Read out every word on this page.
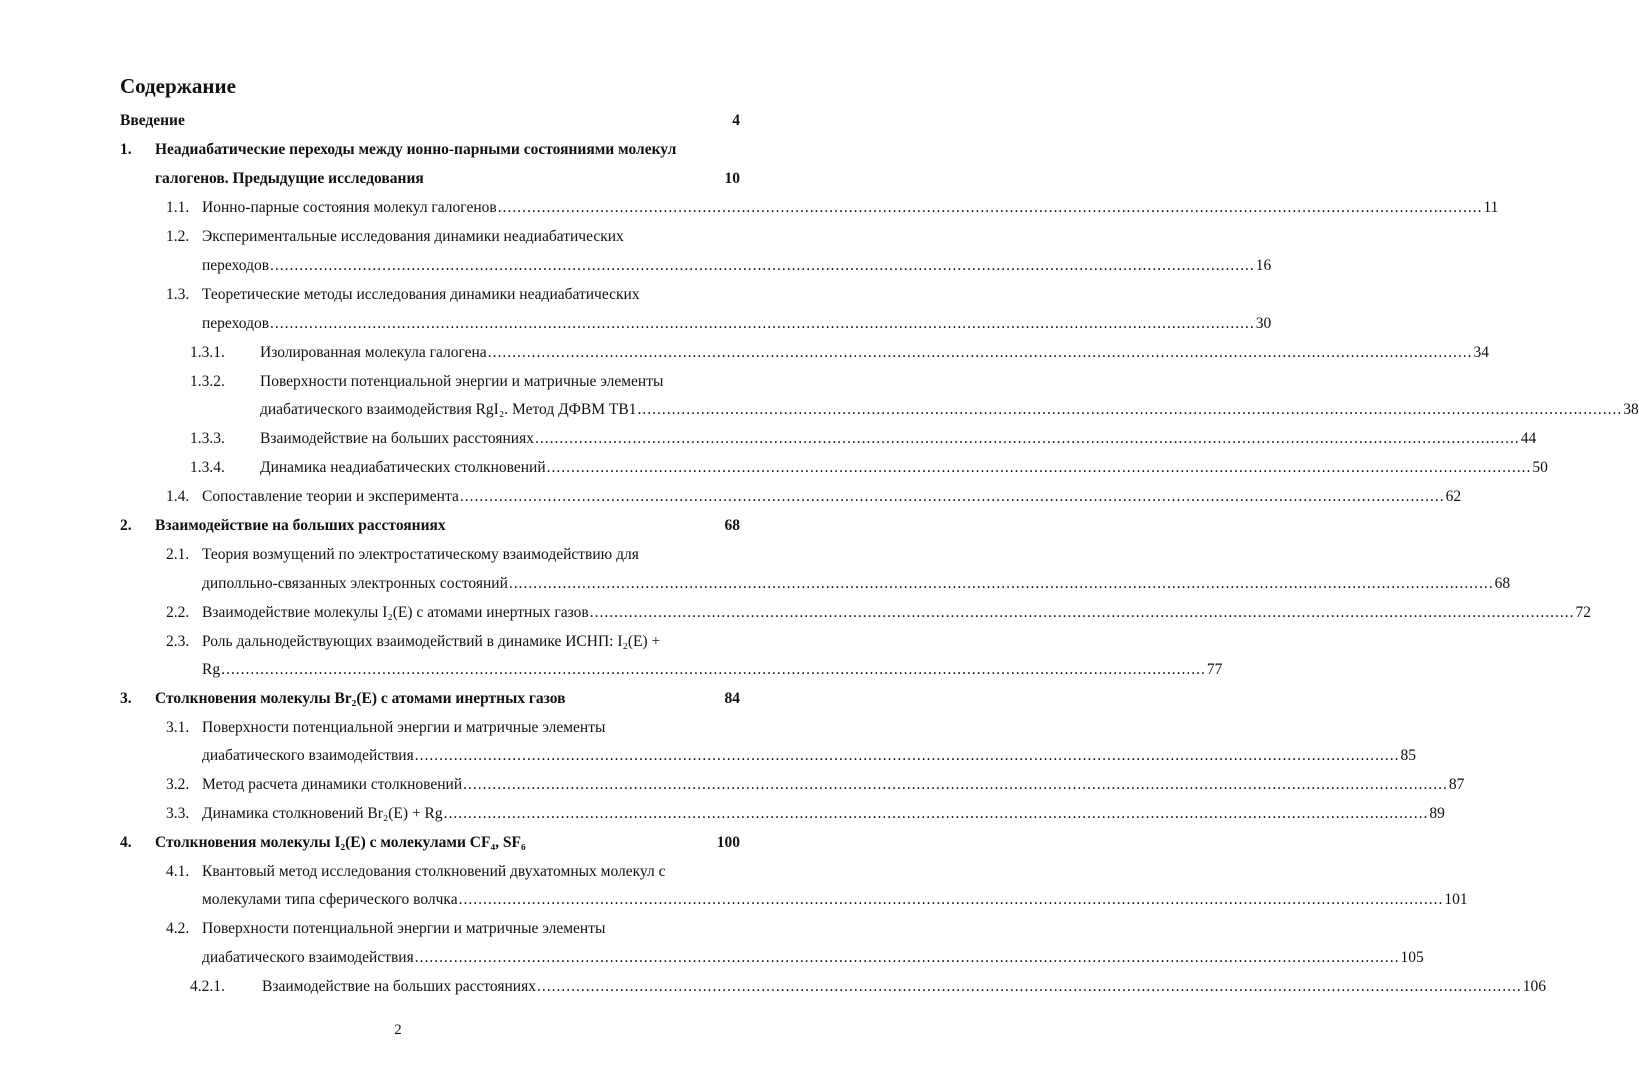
Содержание
Введение	4
1.	Неадиабатические переходы между ионно-парными состояниями молекул
галогенов. Предыдущие исследования	10
1.1. Ионно-парные состояния молекул галогенов .......................................................................................................................................................................................................... 11
1.2. Экспериментальные исследования динамики неадиабатических
переходов .......................................................................................................................................................................................................... 16
1.3. Теоретические методы исследования динамики неадиабатических
переходов .......................................................................................................................................................................................................... 30
1.3.1.	Изолированная молекула галогена .......................................................................................................................................................................................................... 34
1.3.2.	Поверхности потенциальной энергии и матричные элементы
диабатического взаимодействия RgI₂. Метод ДФВМ ТВ1 .......................................................................................................................................................................................................... 38
1.3.3.	Взаимодействие на больших расстояниях .......................................................................................................................................................................................................... 44
1.3.4.	Динамика неадиабатических столкновений .......................................................................................................................................................................................................... 50
1.4. Сопоставление теории и эксперимента .......................................................................................................................................................................................................... 62
2.	Взаимодействие на больших расстояниях	68
2.1. Теория возмущений по электростатическому взаимодействию для
диполльно-связанных электронных состояний .......................................................................................................................................................................................................... 68
2.2. Взаимодействие молекулы I₂(E) с атомами инертных газов .......................................................................................................................................................................................................... 72
2.3. Роль дальнодействующих взаимодействий в динамике ИСНП: I₂(E) +
Rg .......................................................................................................................................................................................................... 77
3.	Столкновения молекулы Br₂(E) с атомами инертных газов	84
3.1. Поверхности потенциальной энергии и матричные элементы
диабатического взаимодействия .......................................................................................................................................................................................................... 85
3.2. Метод расчета динамики столкновений .......................................................................................................................................................................................................... 87
3.3. Динамика столкновений Br₂(E) + Rg .......................................................................................................................................................................................................... 89
4.	Столкновения молекулы I₂(E) с молекулами CF₄, SF₆	100
4.1. Квантовый метод исследования столкновений двухатомных молекул с
молекулами типа сферического волчка .......................................................................................................................................................................................................... 101
4.2. Поверхности потенциальной энергии и матричные элементы
диабатического взаимодействия .......................................................................................................................................................................................................... 105
4.2.1.	Взаимодействие на больших расстояниях .......................................................................................................................................................................................................... 106
2
